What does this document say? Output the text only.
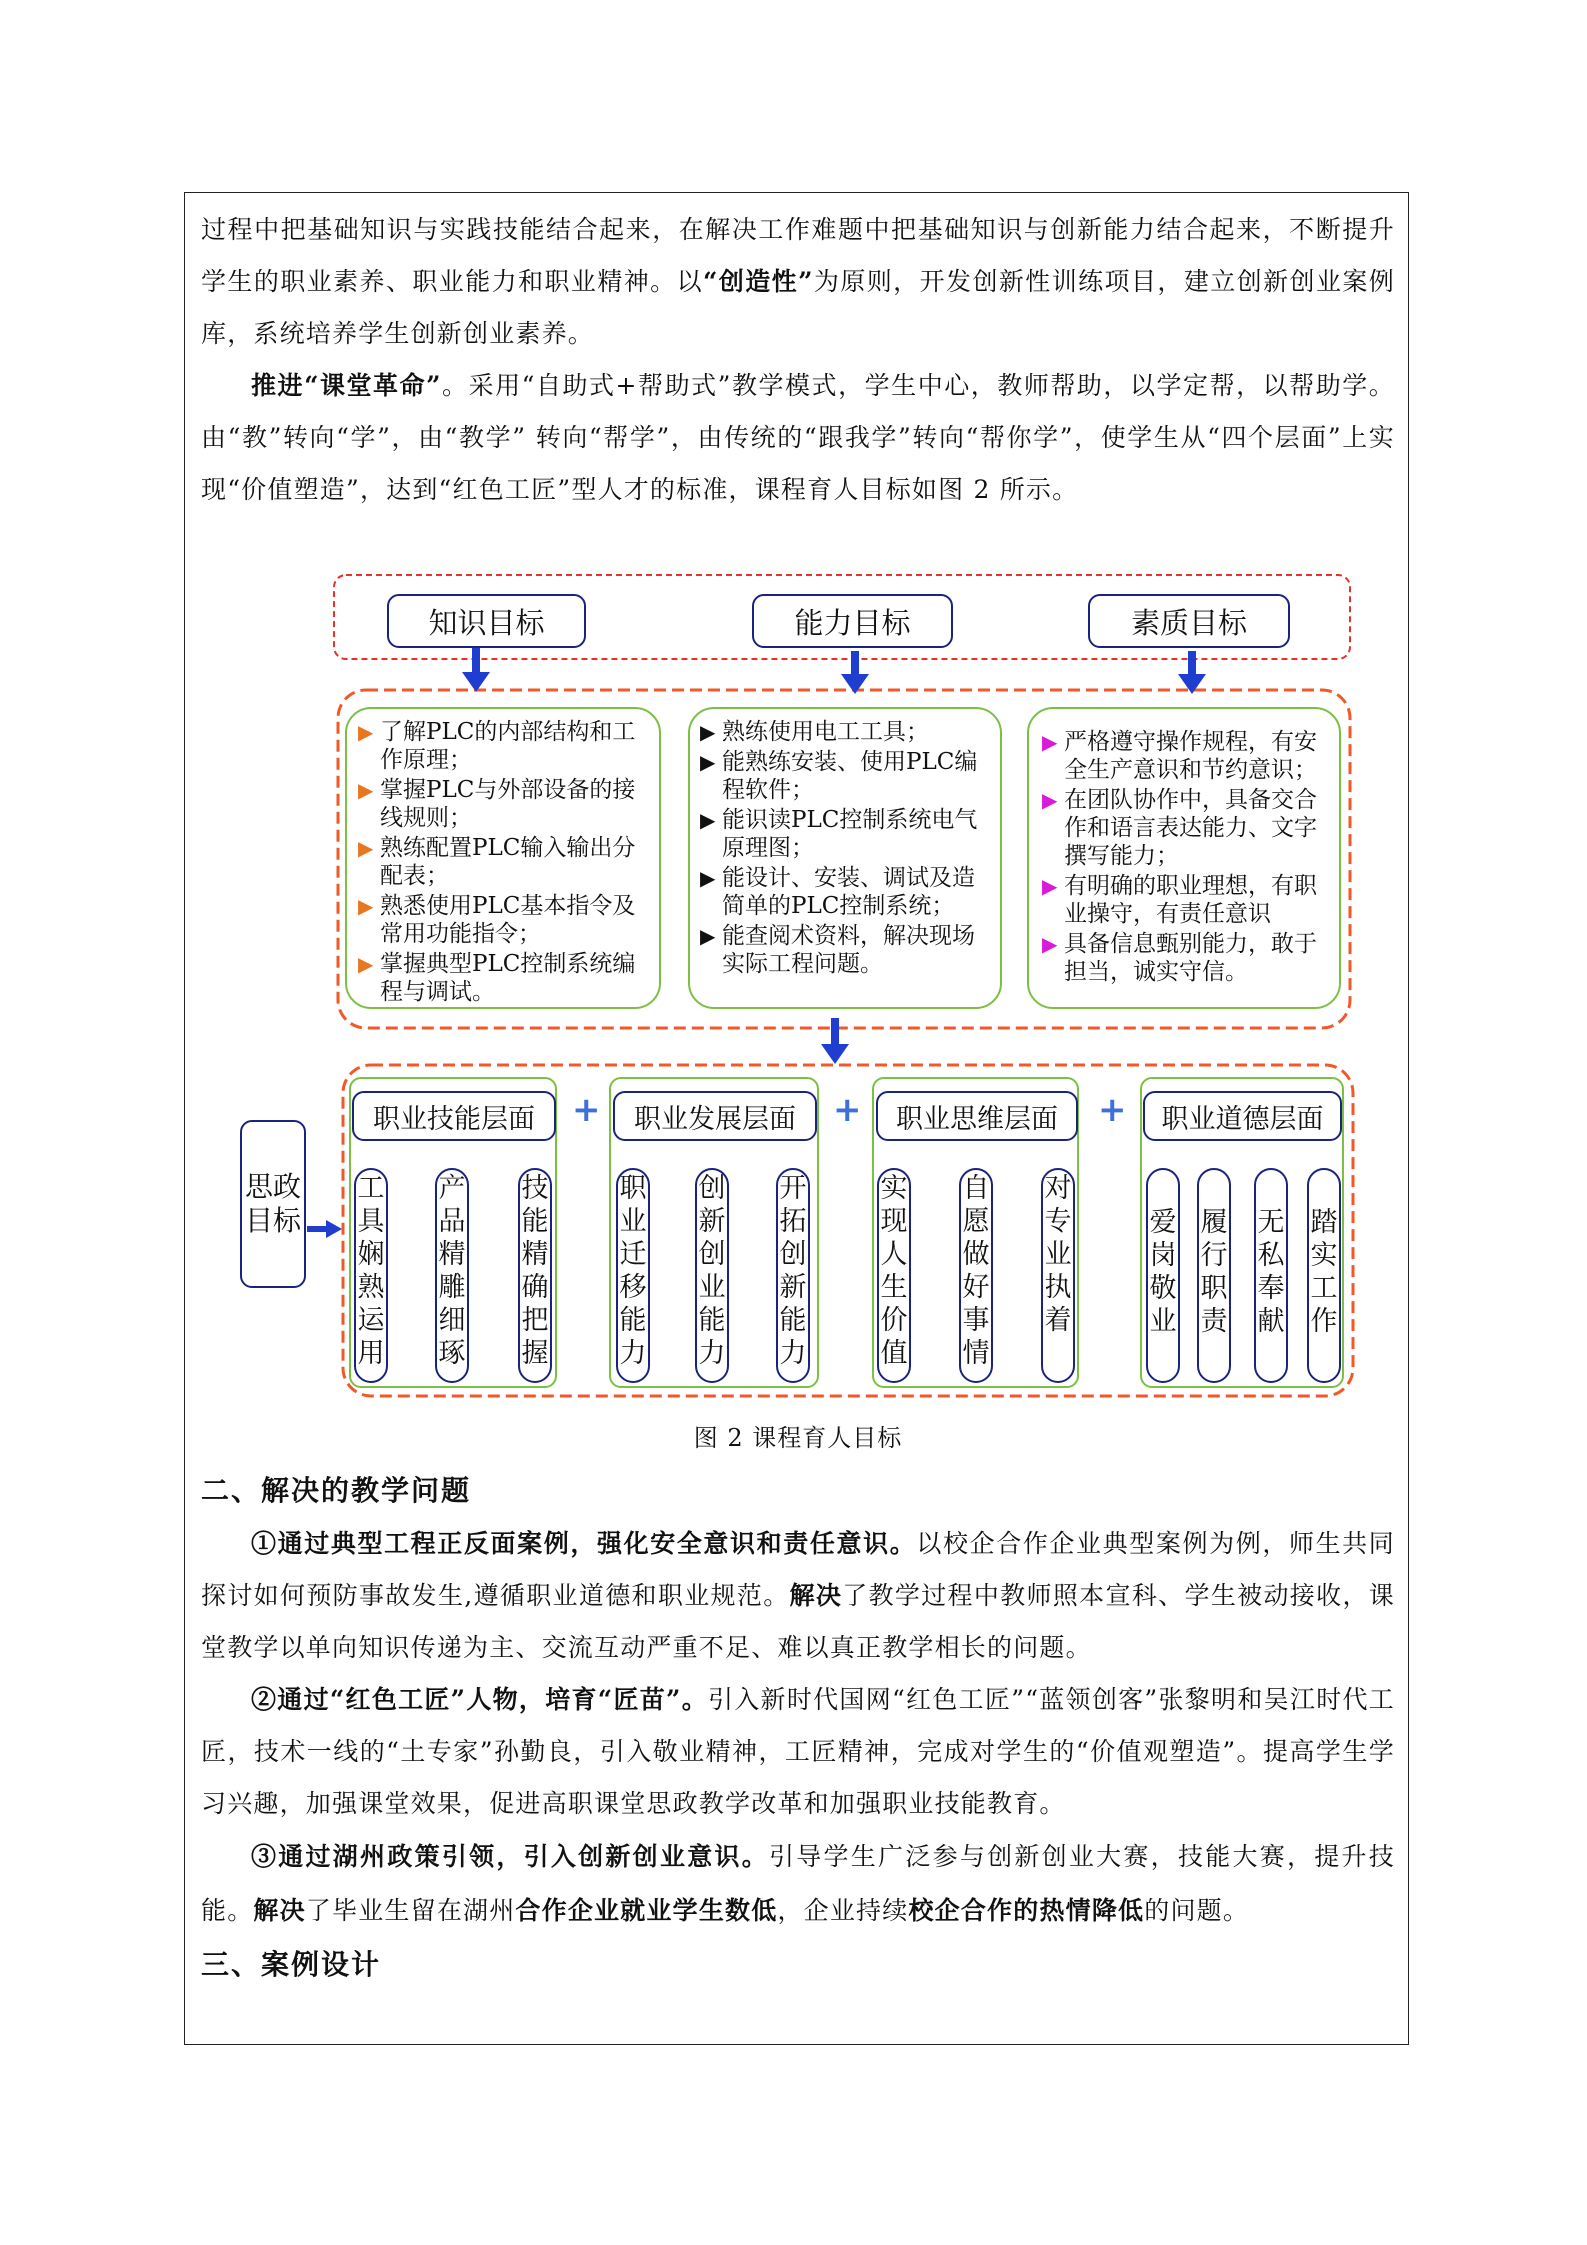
过程中把基础知识与实践技能结合起来，在解决工作难题中把基础知识与创新能力结合起来，不断提升学生的职业素养、职业能力和职业精神。以“创造性”为原则，开发创新性训练项目，建立创新创业案例库，系统培养学生创新创业素养。

推进“课堂革命”。采用“自助式+帮助式”教学模式，学生中心，教师帮助，以学定帮，以帮助学。由“教”转向“学”，由“教学” 转向“帮学”，由传统的“跟我学”转向“帮你学”，使学生从“四个层面”上实现“价值塑造”，达到“红色工匠”型人才的标准，课程育人目标如图 2 所示。

知识目标	能力目标	素质目标
▶ 了解PLC的内部结构和工作原理；
▶ 掌握PLC与外部设备的接线规则；
▶ 熟练配置PLC输入输出分配表；
▶ 熟悉使用PLC基本指令及常用功能指令；
▶ 掌握典型PLC控制系统编程与调试。
▶ 熟练使用电工工具；
▶ 能熟练安装、使用PLC编程软件；
▶ 能识读PLC控制系统电气原理图；
▶ 能设计、安装、调试及造简单的PLC控制系统；
▶ 能查阅术资料，解决现场实际工程问题。
▶ 严格遵守操作规程，有安全生产意识和节约意识；
▶ 在团队协作中，具备交合作和语言表达能力、文字撰写能力；
▶ 有明确的职业理想，有职业操守，有责任意识
▶ 具备信息甄别能力，敢于担当，诚实守信。
职业技能层面	职业发展层面	职业思维层面	职业道德层面
+	+	+
工具娴熟运用
产品精雕细琢
技能精确把握
职业迁移能力
创新创业能力
开拓创新能力
实现人生价值
自愿做好事情
对专业执着
爱岗敬业
履行职责
无私奉献
踏实工作
思政目标
图 2 课程育人目标

二、解决的教学问题

①通过典型工程正反面案例，强化安全意识和责任意识。以校企合作企业典型案例为例，师生共同探讨如何预防事故发生,遵循职业道德和职业规范。解决了教学过程中教师照本宣科、学生被动接收，课堂教学以单向知识传递为主、交流互动严重不足、难以真正教学相长的问题。

②通过“红色工匠”人物，培育“匠苗”。引入新时代国网“红色工匠”“蓝领创客”张黎明和吴江时代工匠，技术一线的“土专家”孙勤良，引入敬业精神，工匠精神，完成对学生的“价值观塑造”。提高学生学习兴趣，加强课堂效果，促进高职课堂思政教学改革和加强职业技能教育。

③通过湖州政策引领，引入创新创业意识。引导学生广泛参与创新创业大赛，技能大赛，提升技能。解决了毕业生留在湖州合作企业就业学生数低，企业持续校企合作的热情降低的问题。

三、案例设计
